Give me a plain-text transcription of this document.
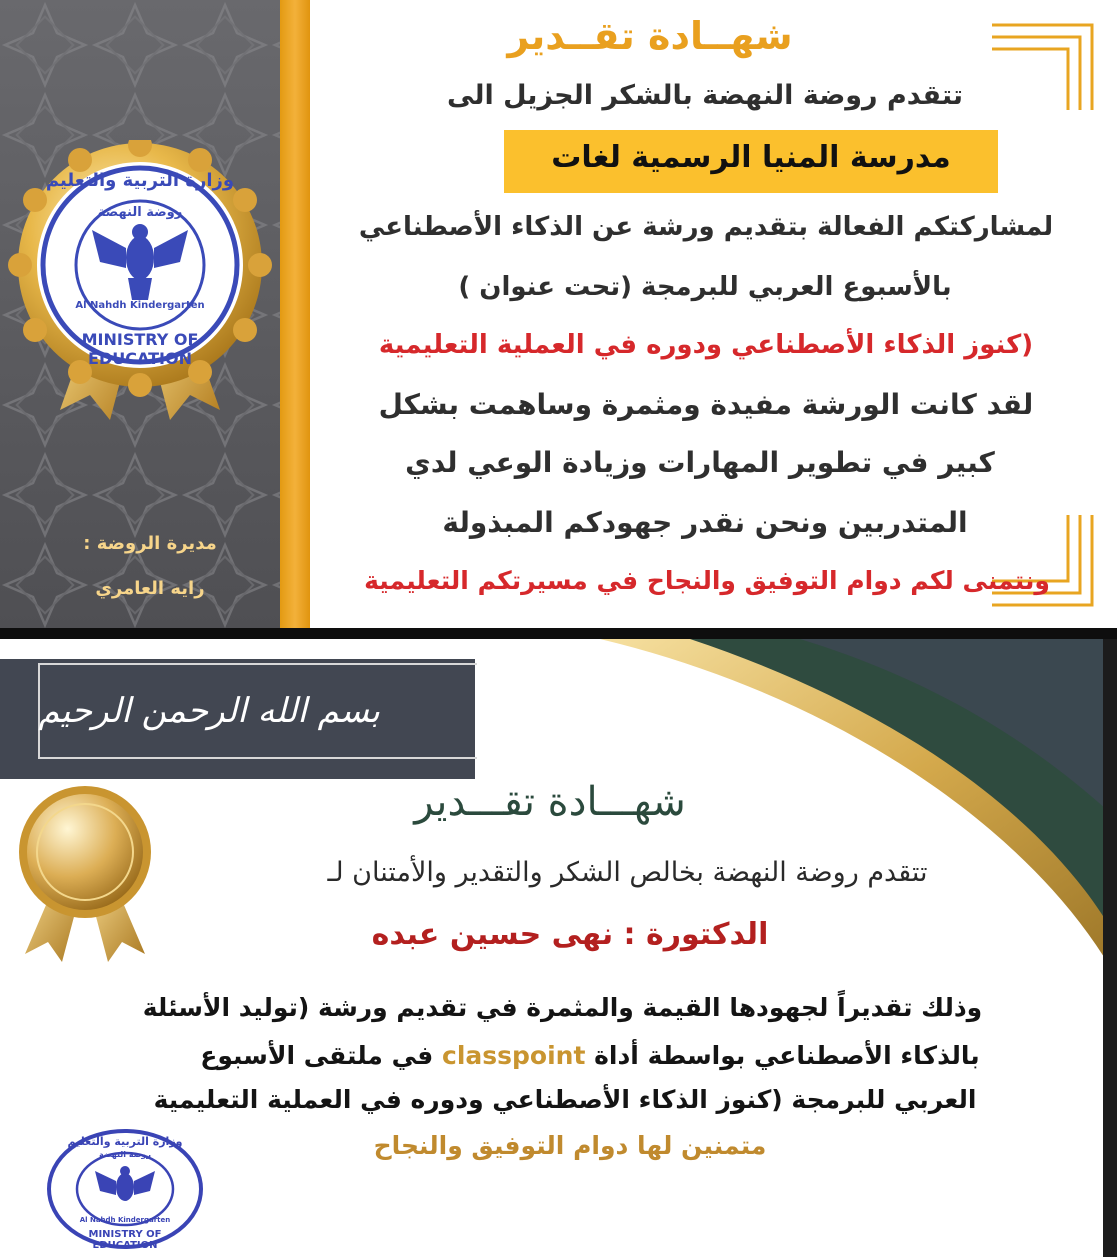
روضة النهضة
وزارة التربية والتعليم
MINISTRY OF EDUCATION
Al Nahdh Kindergarten
مديرة الروضة :
رايه العامري
شهــادة تقــدير
تتقدم روضة النهضة بالشكر الجزيل الى
مدرسة المنيا الرسمية لغات
لمشاركتكم الفعالة بتقديم ورشة عن الذكاء الأصطناعي
بالأسبوع العربي للبرمجة (تحت عنوان )
(كنوز الذكاء الأصطناعي ودوره في العملية التعليمية
لقد كانت الورشة مفيدة ومثمرة وساهمت بشكل
كبير في تطوير المهارات وزيادة الوعي لدي
المتدربين ونحن نقدر جهودكم المبذولة
ونتمنى لكم دوام التوفيق والنجاح في مسيرتكم التعليمية
بسم الله الرحمن الرحيم
شهـــادة تقـــدير
تتقدم روضة النهضة بخالص الشكر والتقدير والأمتنان لـ
الدكتورة : نهى حسين عبده
وذلك تقديراً لجهودها القيمة والمثمرة في تقديم ورشة (توليد الأسئلة
بالذكاء الأصطناعي بواسطة أداة classpoint في ملتقى الأسبوع
العربي للبرمجة (كنوز الذكاء الأصطناعي ودوره في العملية التعليمية
متمنين لها دوام التوفيق والنجاح
وزارة التربية والتعليم
روضة النهضة
Al Nahdh Kindergarten
MINISTRY OF EDUCATION
